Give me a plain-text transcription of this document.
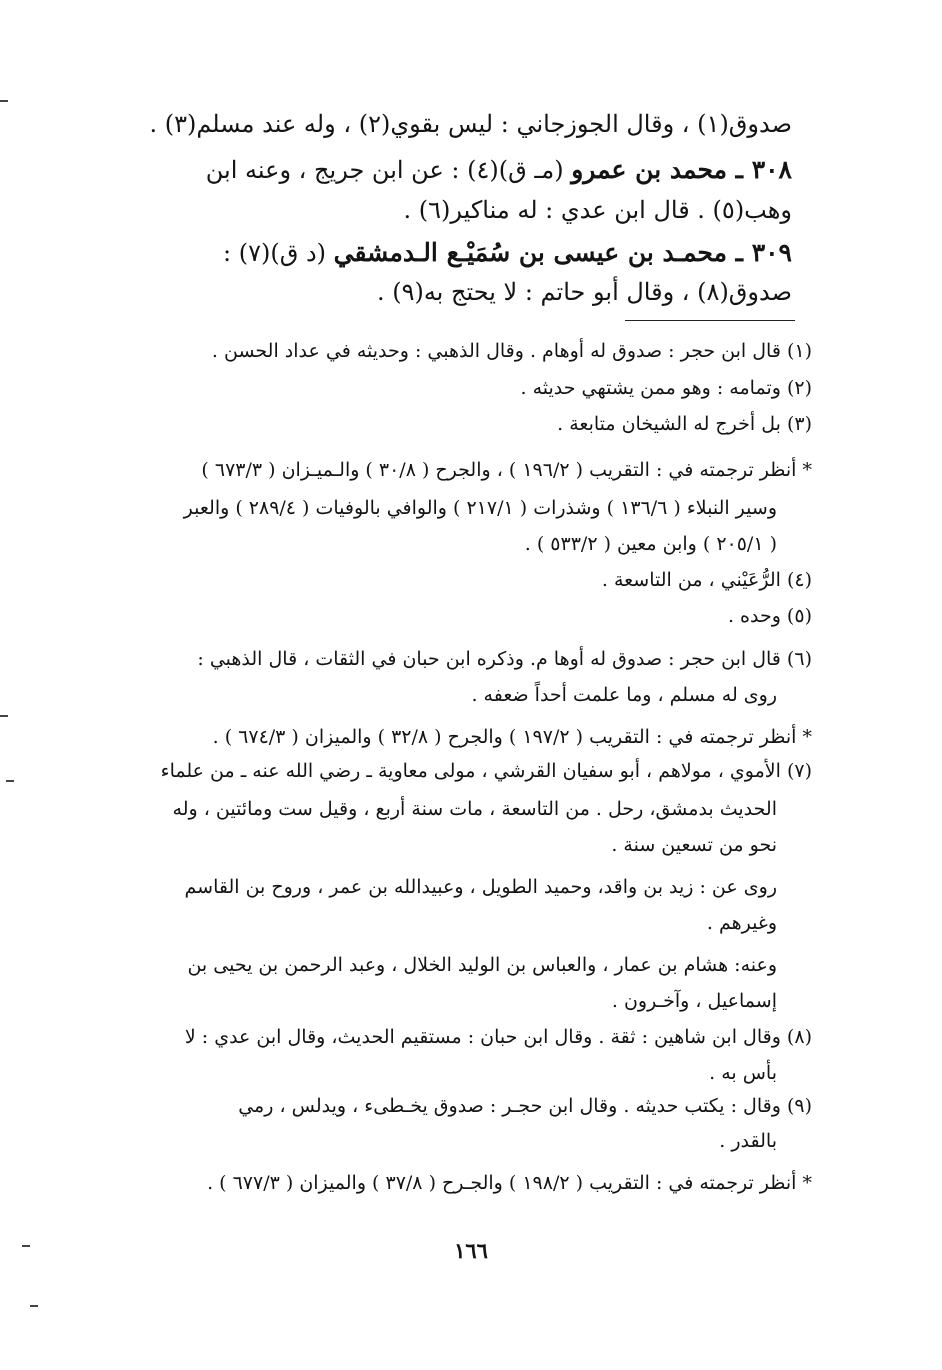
صدوق(١) ، وقال الجوزجاني : ليس بقوي(٢) ، وله عند مسلم(٣) .
٣٠٨ ـ محمد بن عمرو (مـ ق)(٤) : عن ابن جريج ، وعنه ابن
وهب(٥) . قال ابن عدي : له مناكير(٦) .
٣٠٩ ـ محمـد بن عيسى بن سُمَيْـع الـدمشقي (د ق)(٧) :
صدوق(٨) ، وقال أبو حاتم : لا يحتج به(٩) .
(١) قال ابن حجر : صدوق له أوهام . وقال الذهبي : وحديثه في عداد الحسن .
(٢) وتمامه : وهو ممن يشتهي حديثه .
(٣) بل أخرج له الشيخان متابعة .
* أنظر ترجمته في : التقريب ( ١٩٦/٢ ) ، والجرح ( ٣٠/٨ ) والـميـزان ( ٦٧٣/٣ )
وسير النبلاء ( ١٣٦/٦ ) وشذرات ( ٢١٧/١ ) والوافي بالوفيات ( ٢٨٩/٤ ) والعبر
( ٢٠٥/١ ) وابن معين ( ٥٣٣/٢ ) .
(٤) الرُّعَيْني ، من التاسعة .
(٥) وحده .
(٦) قال ابن حجر : صدوق له أوها م. وذكره ابن حبان في الثقات ، قال الذهبي :
روى له مسلم ، وما علمت أحداً ضعفه .
* أنظر ترجمته في : التقريب ( ١٩٧/٢ ) والجرح ( ٣٢/٨ ) والميزان ( ٦٧٤/٣ ) .
(٧) الأموي ، مولاهم ، أبو سفيان القرشي ، مولى معاوية ـ رضي الله عنه ـ من علماء
الحديث بدمشق، رحل . من التاسعة ، مات سنة أربع ، وقيل ست ومائتين ، وله
نحو من تسعين سنة .
روى عن : زيد بن واقد، وحميد الطويل ، وعبيدالله بن عمر ، وروح بن القاسم
وغيرهم .
وعنه: هشام بن عمار ، والعباس بن الوليد الخلال ، وعبد الرحمن بن يحيى بن
إسماعيل ، وآخـرون .
(٨) وقال ابن شاهين : ثقة . وقال ابن حبان : مستقيم الحديث، وقال ابن عدي : لا
بأس به .
(٩) وقال : يكتب حديثه . وقال ابن حجـر : صدوق يخـطىء ، ويدلس ، رمي
بالقدر .
* أنظر ترجمته في : التقريب ( ١٩٨/٢ ) والجـرح ( ٣٧/٨ ) والميزان ( ٦٧٧/٣ ) .
١٦٦
